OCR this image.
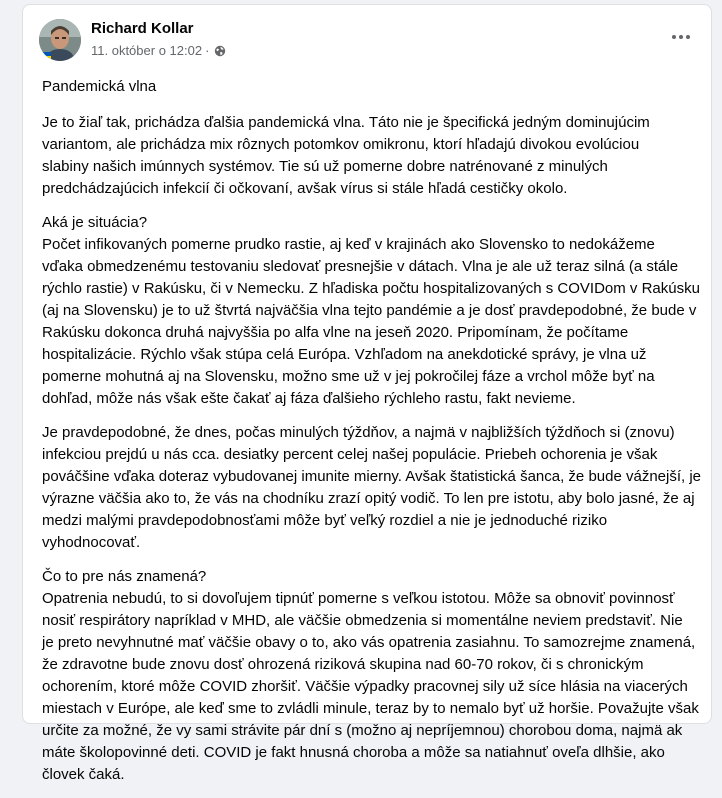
Richard Kollar
11. október o 12:02 ·

Pandemická vlna

Je to žiaľ tak, prichádza ďalšia pandemická vlna. Táto nie je špecifická jedným dominujúcim
variantom, ale prichádza mix rôznych potomkov omikronu, ktorí hľadajú divokou evolúciou
slabiny našich imúnnych systémov. Tie sú už pomerne dobre natrénované z minulých
predchádzajúcich infekcií či očkovaní, avšak vírus si stále hľadá cestičky okolo.

Aká je situácia?
Počet infikovaných pomerne prudko rastie, aj keď v krajinách ako Slovensko to nedokážeme
vďaka obmedzenému testovaniu sledovať presnejšie v dátach. Vlna je ale už teraz silná (a stále
rýchlo rastie) v Rakúsku, či v Nemecku. Z hľadiska počtu hospitalizovaných s COVIDom v Rakúsku
(aj na Slovensku) je to už štvrtá najväčšia vlna tejto pandémie a je dosť pravdepodobné, že bude v
Rakúsku dokonca druhá najvyššia po alfa vlne na jeseň 2020. Pripomínam, že počítame
hospitalizácie. Rýchlo však stúpa celá Európa. Vzhľadom na anekdotické správy, je vlna už
pomerne mohutná aj na Slovensku, možno sme už v jej pokročilej fáze a vrchol môže byť na
dohľad, môže nás však ešte čakať aj fáza ďalšieho rýchleho rastu, fakt nevieme.

Je pravdepodobné, že dnes, počas minulých týždňov, a najmä v najbližších týždňoch si (znovu)
infekciou prejdú u nás cca. desiatky percent celej našej populácie. Priebeh ochorenia je však
pováčšine vďaka doteraz vybudovanej imunite mierny. Avšak štatistická šanca, že bude vážnejší, je
výrazne väčšia ako to, že vás na chodníku zrazí opitý vodič. To len pre istotu, aby bolo jasné, že aj
medzi malými pravdepodobnosťami môže byť veľký rozdiel a nie je jednoduché riziko
vyhodnocovať.

Čo to pre nás znamená?
Opatrenia nebudú, to si dovoľujem tipnúť pomerne s veľkou istotou. Môže sa obnoviť povinnosť
nosiť respirátory napríklad v MHD, ale väčšie obmedzenia si momentálne neviem predstaviť. Nie
je preto nevyhnutné mať väčšie obavy o to, ako vás opatrenia zasiahnu. To samozrejme znamená,
že zdravotne bude znovu dosť ohrozená riziková skupina nad 60-70 rokov, či s chronickým
ochorením, ktoré môže COVID zhoršiť. Väčšie výpadky pracovnej sily už síce hlásia na viacerých
miestach v Európe, ale keď sme to zvládli minule, teraz by to nemalo byť už horšie. Považujte však
určite za možné, že vy sami strávite pár dní s (možno aj nepríjemnou) chorobou doma, najmä ak
máte školopovinné deti. COVID je fakt hnusná choroba a môže sa natiahnuť oveľa dlhšie, ako
človek čaká.
